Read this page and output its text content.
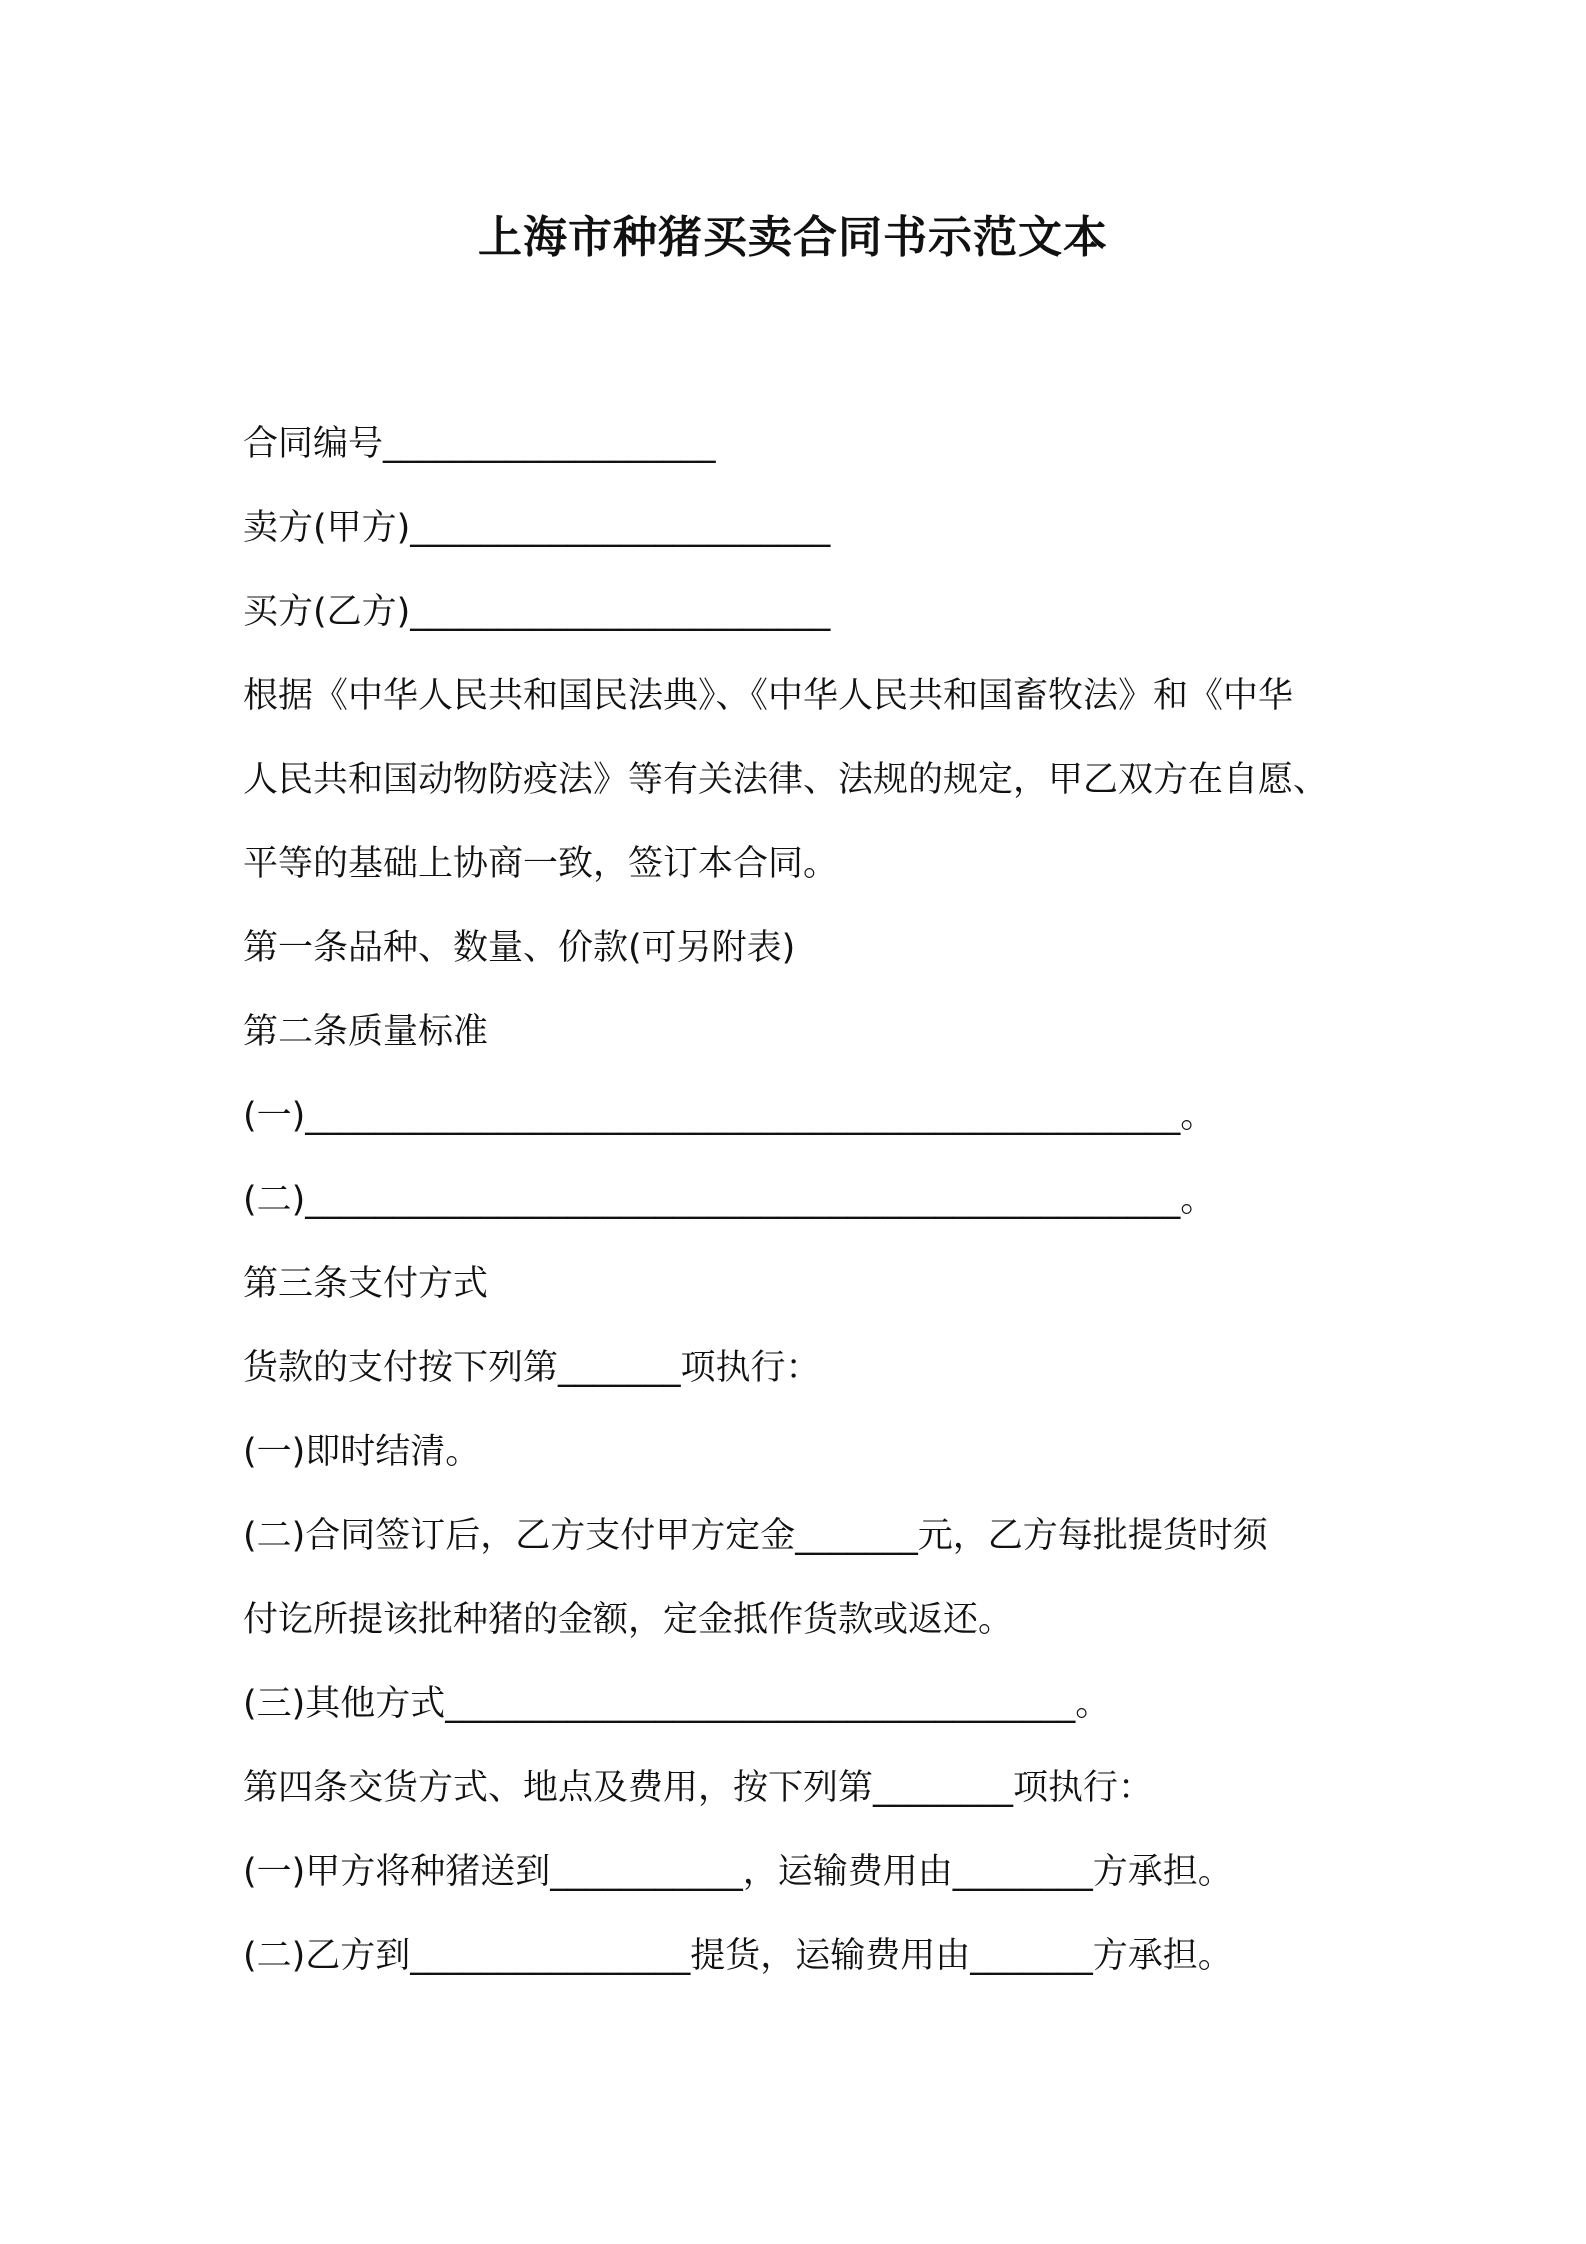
上海市种猪买卖合同书示范文本

合同编号___________________

卖方(甲方)________________________

买方(乙方)________________________

根据《中华人民共和国民法典》、《中华人民共和国畜牧法》和《中华

人民共和国动物防疫法》等有关法律、法规的规定，甲乙双方在自愿、

平等的基础上协商一致，签订本合同。

第一条品种、数量、价款(可另附表)

第二条质量标准

(一)__________________________________________________。

(二)__________________________________________________。

第三条支付方式

货款的支付按下列第_______项执行：

(一)即时结清。

(二)合同签订后，乙方支付甲方定金_______元，乙方每批提货时须

付讫所提该批种猪的金额，定金抵作货款或返还。

(三)其他方式____________________________________。

第四条交货方式、地点及费用，按下列第________项执行：

(一)甲方将种猪送到___________，运输费用由________方承担。

(二)乙方到________________提货，运输费用由_______方承担。
